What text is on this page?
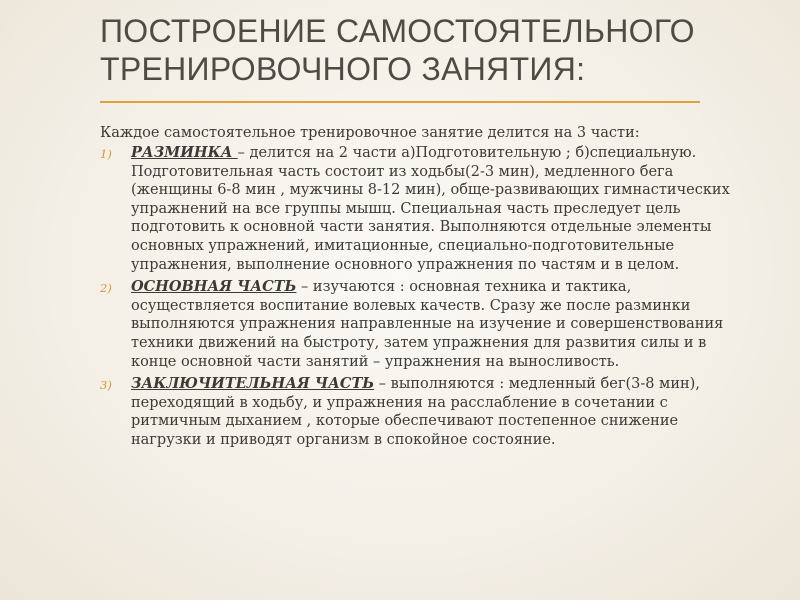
ПОСТРОЕНИЕ САМОСТОЯТЕЛЬНОГО
ТРЕНИРОВОЧНОГО ЗАНЯТИЯ:

Каждое самостоятельное тренировочное занятие делится на 3 части:

1) РАЗМИНКА – делится на 2 части а)Подготовительную ; б)специальную. Подготовительная часть состоит из ходьбы(2-3 мин), медленного бега (женщины 6-8 мин , мужчины 8-12 мин), обще-развивающих гимнастических упражнений на все группы мышц. Специальная часть преследует цель подготовить к основной части занятия. Выполняются отдельные элементы основных упражнений, имитационные, специально-подготовительные упражнения, выполнение основного упражнения по частям и в целом.
2) ОСНОВНАЯ ЧАСТЬ – изучаются : основная техника и тактика, осуществляется воспитание волевых качеств. Сразу же после разминки выполняются упражнения направленные на изучение и совершенствования техники движений на быстроту, затем упражнения для развития силы и в конце основной части занятий – упражнения на выносливость.
3) ЗАКЛЮЧИТЕЛЬНАЯ ЧАСТЬ – выполняются : медленный бег(3-8 мин), переходящий в ходьбу, и упражнения на расслабление в сочетании с ритмичным дыханием , которые обеспечивают постепенное снижение нагрузки и приводят организм в спокойное состояние.
